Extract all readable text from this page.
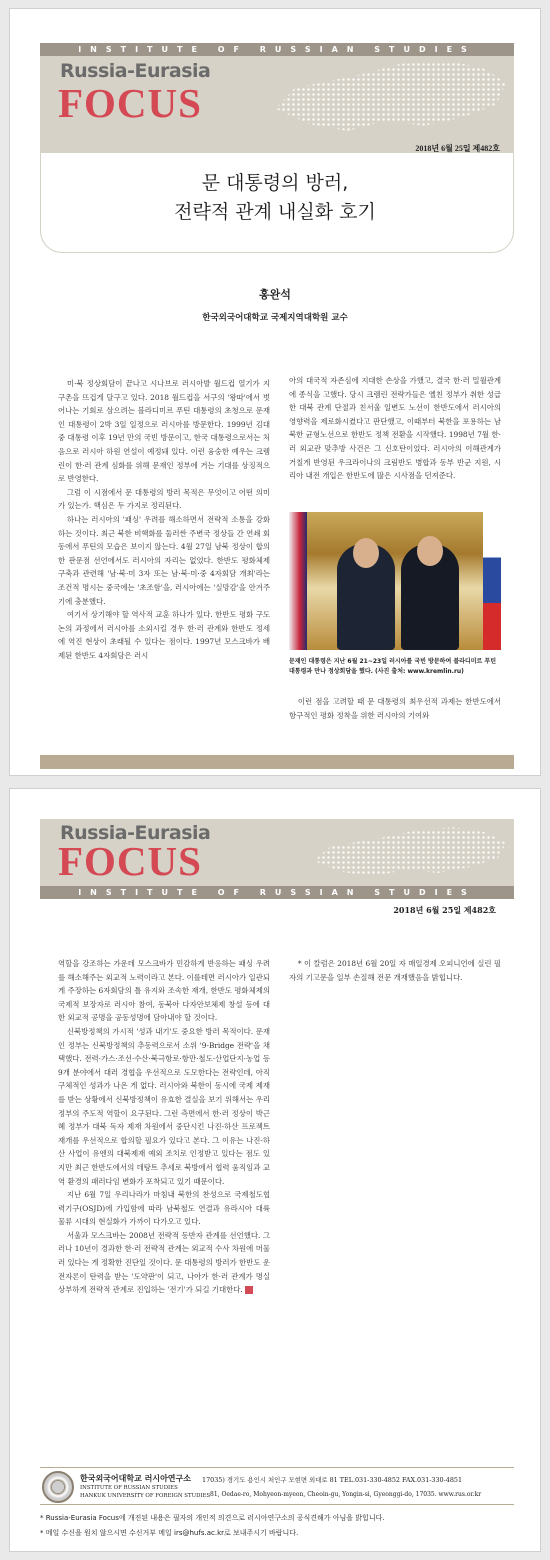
INSTITUTE OF RUSSIAN STUDIES
Russia-Eurasia
FOCUS
2018년 6월 25일 제482호
문 대통령의 방러,
전략적 관계 내실화 호기
홍완석
한국외국어대학교 국제지역대학원 교수

미·북 정상회담이 끝나고 시나브로 러시아발 월드컵 열기가 지구촌을 뜨겁게 달구고 있다. 2018 월드컵을 서구의 '왕따'에서 벗어나는 기회로 삼으려는 블라디미르 푸틴 대통령의 초청으로 문재인 대통령이 2박 3일 일정으로 러시아를 방문한다. 1999년 김대중 대통령 이후 19년 만의 국빈 방문이고, 한국 대통령으로서는 처음으로 러시아 하원 연설이 예정돼 있다. 이런 융숭한 예우는 크렘린이 한·러 관계 심화를 위해 문재인 정부에 거는 기대를 상징적으로 반영한다.

그럼 이 시점에서 문 대통령의 방러 목적은 무엇이고 어떤 의미가 있는가. 핵심은 두 가지로 정리된다.

하나는 러시아의 '패싱' 우려를 해소하면서 전략적 소통을 강화하는 것이다. 최근 북한 비핵화를 둘러싼 주변국 정상들 간 연쇄 회동에서 푸틴의 모습은 보이지 않는다. 4월 27일 남북 정상이 합의한 판문점 선언에서도 러시아의 자리는 없었다. 한반도 평화체제 구축과 관련해 '남·북·미 3자 또는 남·북·미·중 4자회담 개최'라는 조건적 명시는 중국에는 '초조함'을, 러시아에는 '실망감'을 안겨주기에 충분했다.

여기서 상기해야 할 역사적 교훈 하나가 있다. 한반도 평화 구도 논의 과정에서 러시아를 소외시킬 경우 한·러 관계와 한반도 정세에 역진 현상이 초래될 수 있다는 점이다. 1997년 모스크바가 배제된 한반도 4자회담은 러시

아의 대국적 자존심에 지대한 손상을 가했고, 결국 한·러 밀월관계에 종식을 고했다. 당시 크렘린 전략가들은 옐친 정부가 취한 성급한 대북 관계 단절과 친서울 일변도 노선이 한반도에서 러시아의 영향력을 제로화시켰다고 판단했고, 이때부터 북한을 포용하는 남북한 균형노선으로 한반도 정책 전환을 시작했다. 1998년 7월 한·러 외교관 맞추방 사건은 그 신호탄이었다. 러시아의 이해관계가 거칠게 반영된 우크라이나의 크림반도 병합과 동부 반군 지원, 시리아 내전 개입은 한반도에 많은 시사점을 던져준다.

문재인 대통령은 지난 6월 21~23일 러시아를 국빈 방문하여 블라디미르 푸틴 대통령과 만나 정상회담을 했다. (사진 출처: www.kremlin.ru)

이런 점을 고려할 때 문 대통령의 최우선적 과제는 한반도에서 항구적인 평화 정착을 위한 러시아의 기여와

Russia-Eurasia
FOCUS
INSTITUTE OF RUSSIAN STUDIES
2018년 6월 25일 제482호

역할을 강조하는 가운데 모스크바가 민감하게 반응하는 패싱 우려를 해소해주는 외교적 노력이라고 본다. 이를테면 러시아가 일관되게 주장하는 6자회담의 틀 유지와 조속한 재개, 한반도 평화체제의 국제적 보장자로 러시아 참여, 동북아 다자안보체제 창설 등에 대한 외교적 공명을 공동성명에 담아내야 할 것이다.

신북방정책의 가시적 '성과 내기'도 중요한 방러 목적이다. 문재인 정부는 신북방정책의 추동력으로서 소위 '9-Bridge 전략'을 채택했다. 전력·가스·조선·수산·북극항로·항만·철도·산업단지·농업 등 9개 분야에서 대러 경협을 우선적으로 도모한다는 전략인데, 아직 구체적인 성과가 나온 게 없다. 러시아와 북한이 동시에 국제 제재를 받는 상황에서 신북방정책이 유효한 결실을 보기 위해서는 우리 정부의 주도적 역할이 요구된다. 그런 측면에서 한·러 정상이 박근혜 정부가 대북 독자 제재 차원에서 중단시킨 나진-하산 프로젝트 재개를 우선적으로 합의할 필요가 있다고 본다. 그 이유는 나진-하산 사업이 유엔의 대북제재 예외 조치로 인정받고 있다는 점도 있지만 최근 한반도에서의 데탕트 추세로 북방에서 협력 움직임과 교역 환경의 패러다임 변화가 포착되고 있기 때문이다.

지난 6월 7일 우리나라가 마침내 북한의 찬성으로 국제철도협력기구(OSJD)에 가입함에 따라 남북철도 연결과 유라시아 대륙 물류 시대의 현실화가 가까이 다가오고 있다.

서울과 모스크바는 2008년 전략적 동반자 관계를 선언했다. 그러나 10년이 경과한 한·러 전략적 관계는 외교적 수사 차원에 머물러 있다는 게 정확한 진단일 것이다. 문 대통령의 방러가 한반도 운전자론이 탄력을 받는 '도약판'이 되고, 나아가 한·러 관계가 명실상부하게 전략적 관계로 진입하는 '전기'가 되길 기대한다.

* 이 칼럼은 2018년 6월 20일 자 매일경제 오피니언에 실린 필자의 기고문을 일부 손질해 전문 개재했음을 밝힙니다.

한국외국어대학교 러시아연구소
INSTITUTE OF RUSSIAN STUDIES
HANKUK UNIVERSITY OF FOREIGN STUDIES
17035) 경기도 용인시 처인구 모현면 외대로 81 TEL.031-330-4852 FAX.031-330-4851
81, Oedae-ro, Mohyeon-myeon, Cheoin-gu, Yongin-si, Gyeonggi-do, 17035. www.rus.or.kr
* Russia-Eurasia Focus에 개진된 내용은 필자의 개인적 의견으로 러시아연구소의 공식견해가 아님을 밝힙니다.
* 메일 수신을 원치 않으시면 수신거부 메일 irs@hufs.ac.kr로 보내주시기 바랍니다.
